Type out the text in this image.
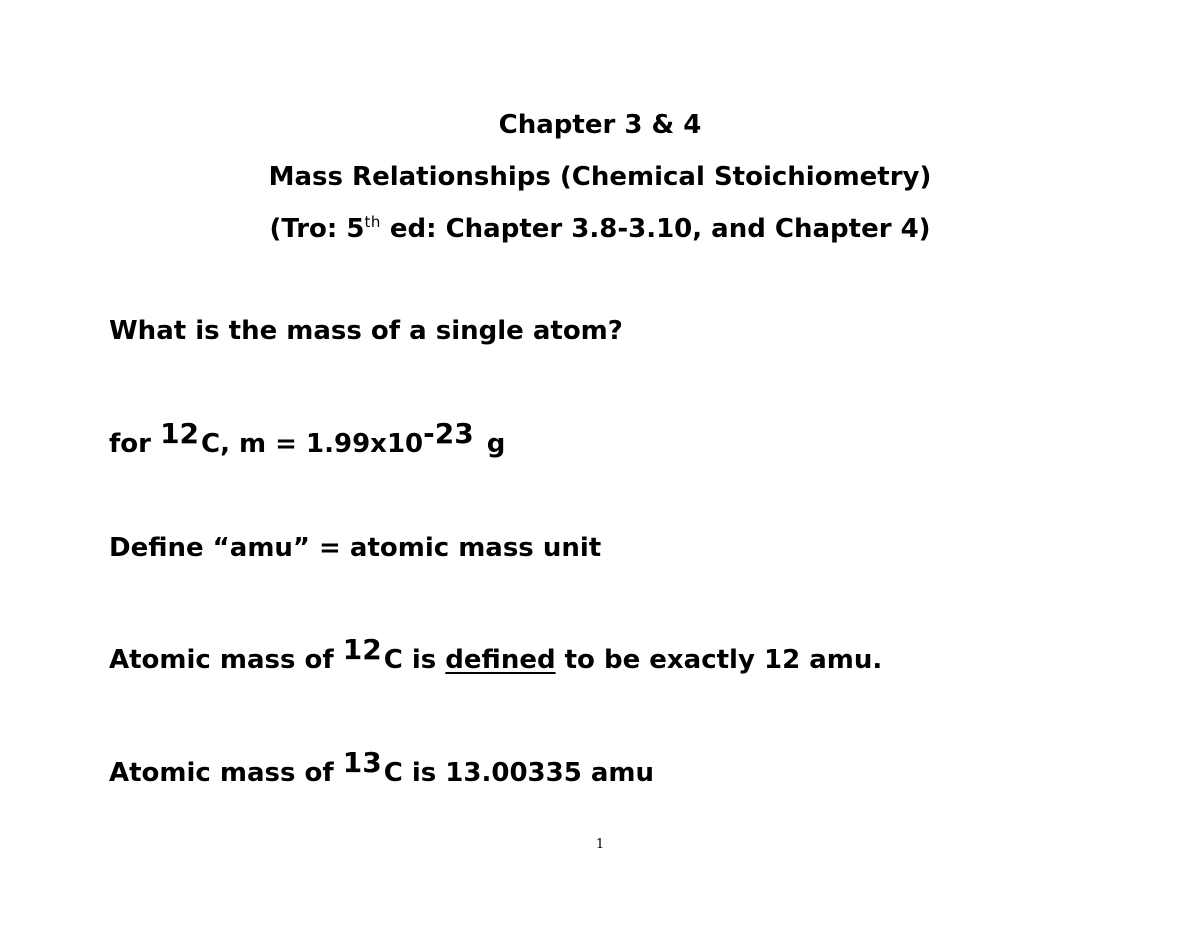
Chapter 3 & 4
Mass Relationships (Chemical Stoichiometry)
(Tro: 5th ed: Chapter 3.8-3.10, and Chapter 4)
What is the mass of a single atom?
for 12C, m = 1.99x10-23 g
Define “amu” = atomic mass unit
Atomic mass of 12C is defined to be exactly 12 amu.
Atomic mass of 13C is 13.00335 amu
1
